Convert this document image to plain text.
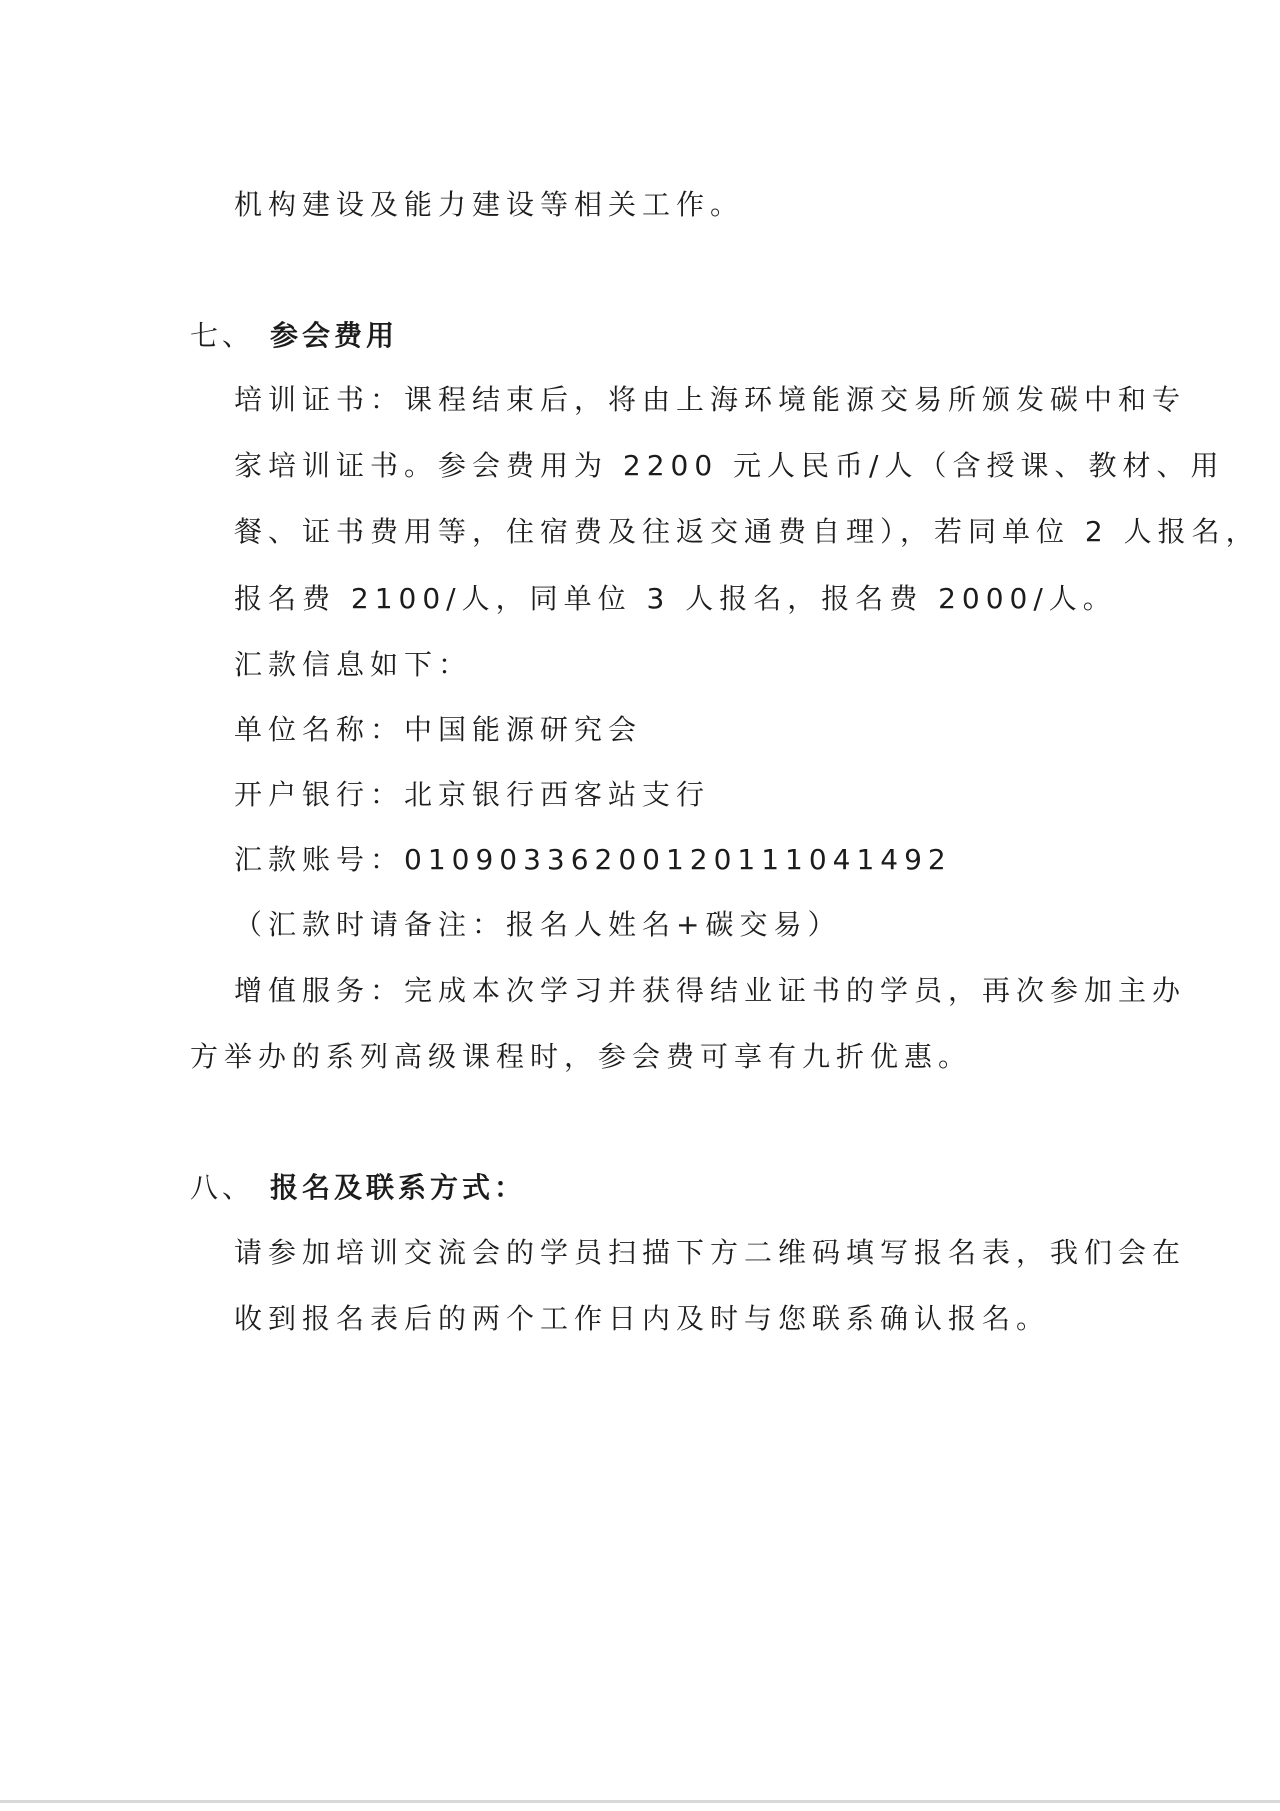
机构建设及能力建设等相关工作。
七、 参会费用
培训证书：课程结束后，将由上海环境能源交易所颁发碳中和专
家培训证书。参会费用为 2200 元人民币/人（含授课、教材、用
餐、证书费用等，住宿费及往返交通费自理），若同单位 2 人报名，
报名费 2100/人，同单位 3 人报名，报名费 2000/人。
汇款信息如下：
单位名称：中国能源研究会
开户银行：北京银行西客站支行
汇款账号：01090336200120111041492
（汇款时请备注：报名人姓名+碳交易）
增值服务：完成本次学习并获得结业证书的学员，再次参加主办
方举办的系列高级课程时，参会费可享有九折优惠。
八、 报名及联系方式：
请参加培训交流会的学员扫描下方二维码填写报名表，我们会在
收到报名表后的两个工作日内及时与您联系确认报名。
